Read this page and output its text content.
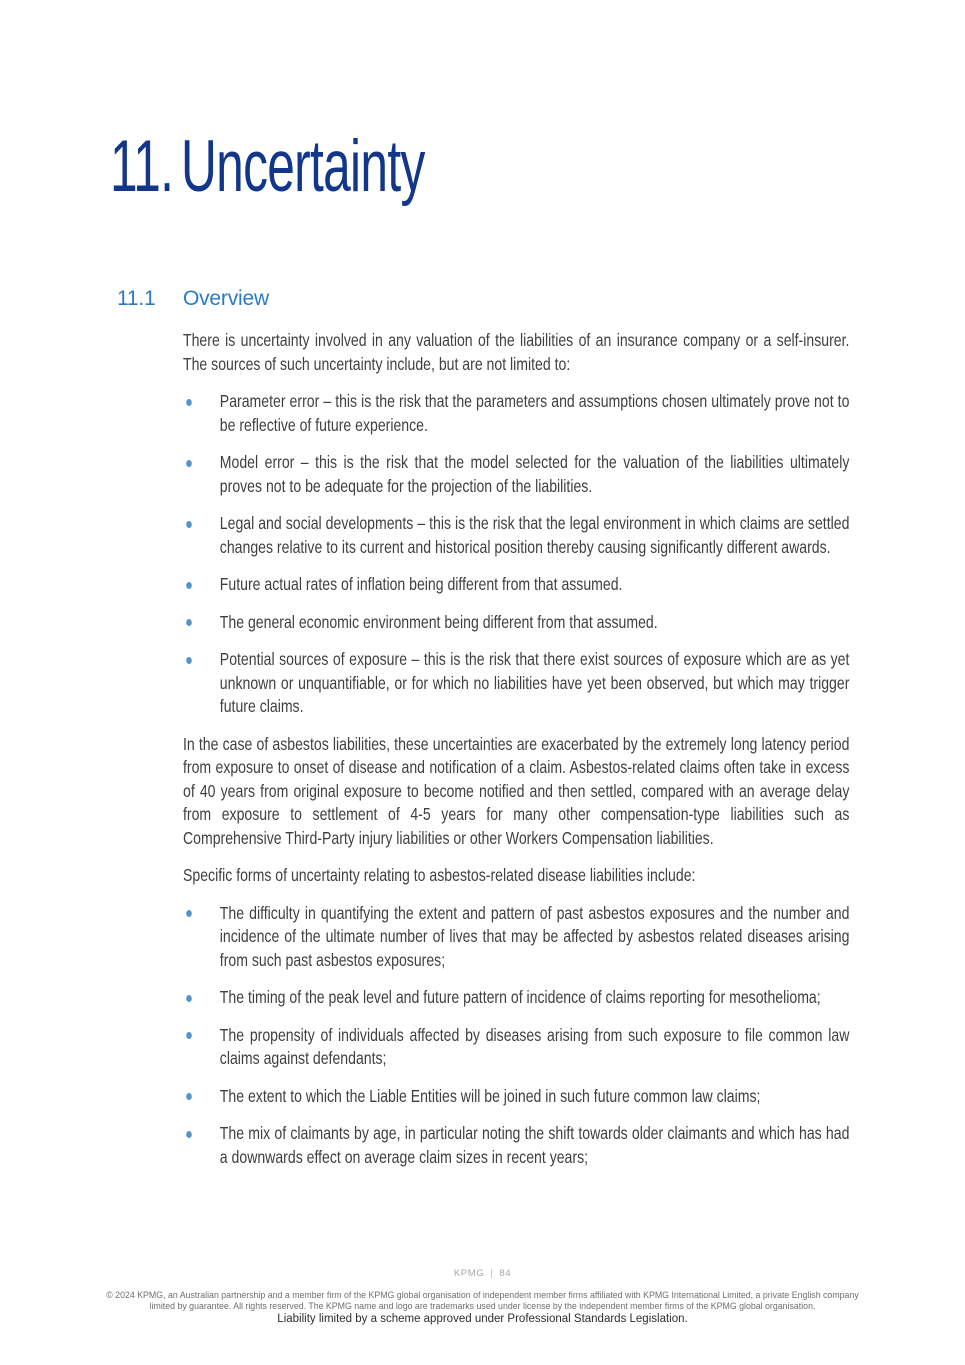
11. Uncertainty
11.1 Overview

There is uncertainty involved in any valuation of the liabilities of an insurance company or a self-insurer. The sources of such uncertainty include, but are not limited to:

Parameter error – this is the risk that the parameters and assumptions chosen ultimately prove not to be reflective of future experience.
Model error – this is the risk that the model selected for the valuation of the liabilities ultimately proves not to be adequate for the projection of the liabilities.
Legal and social developments – this is the risk that the legal environment in which claims are settled changes relative to its current and historical position thereby causing significantly different awards.
Future actual rates of inflation being different from that assumed.
The general economic environment being different from that assumed.
Potential sources of exposure – this is the risk that there exist sources of exposure which are as yet unknown or unquantifiable, or for which no liabilities have yet been observed, but which may trigger future claims.

In the case of asbestos liabilities, these uncertainties are exacerbated by the extremely long latency period from exposure to onset of disease and notification of a claim. Asbestos-related claims often take in excess of 40 years from original exposure to become notified and then settled, compared with an average delay from exposure to settlement of 4-5 years for many other compensation-type liabilities such as Comprehensive Third-Party injury liabilities or other Workers Compensation liabilities.

Specific forms of uncertainty relating to asbestos-related disease liabilities include:

The difficulty in quantifying the extent and pattern of past asbestos exposures and the number and incidence of the ultimate number of lives that may be affected by asbestos related diseases arising from such past asbestos exposures;
The timing of the peak level and future pattern of incidence of claims reporting for mesothelioma;
The propensity of individuals affected by diseases arising from such exposure to file common law claims against defendants;
The extent to which the Liable Entities will be joined in such future common law claims;
The mix of claimants by age, in particular noting the shift towards older claimants and which has had a downwards effect on average claim sizes in recent years;
KPMG | 84
© 2024 KPMG, an Australian partnership and a member firm of the KPMG global organisation of independent member firms affiliated with KPMG International Limited, a private English company limited by guarantee. All rights reserved. The KPMG name and logo are trademarks used under license by the independent member firms of the KPMG global organisation.
Liability limited by a scheme approved under Professional Standards Legislation.
